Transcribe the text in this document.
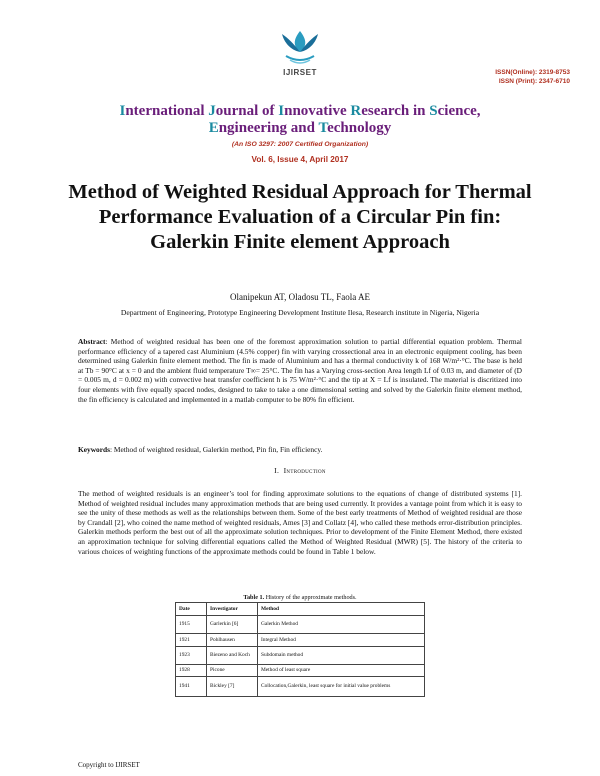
IJIRSET	ISSN(Online): 2319-8753
ISSN (Print): 2347-6710
International Journal of Innovative Research in Science,
Engineering and Technology
(An ISO 3297: 2007 Certified Organization)
Vol. 6, Issue 4, April 2017
Method of Weighted Residual Approach for Thermal Performance Evaluation of a Circular Pin fin: Galerkin Finite element Approach
Olanipekun AT, Oladosu TL, Faola AE
Department of Engineering, Prototype Engineering Development Institute Ilesa, Research institute in Nigeria, Nigeria
Abstract: Method of weighted residual has been one of the foremost approximation solution to partial differential equation problem. Thermal performance efficiency of a tapered cast Aluminium (4.5% copper) fin with varying crossectional area in an electronic equipment cooling, has been determined using Galerkin finite element method. The fin is made of Aluminium and has a thermal conductivity k of 168 W/m²·°C. The base is held at Tb = 90°C at x = 0 and the ambient fluid temperature T∞= 25°C. The fin has a Varying cross-section Area length Lf of 0.03 m, and diameter of (D = 0.005 m, d = 0.002 m) with convective heat transfer coefficient h is 75 W/m²·°C and the tip at X = Lf is insulated. The material is discritized into four elements with five equally spaced nodes, designed to take to take a one dimensional setting and solved by the Galerkin finite element method, the fin efficiency is calculated and implemented in a matlab computer to be 80% fin efficient.
Keywords: Method of weighted residual, Galerkin method, Pin fin, Fin efficiency.
I. Introduction
The method of weighted residuals is an engineer’s tool for finding approximate solutions to the equations of change of distributed systems [1]. Method of weighted residual includes many approximation methods that are being used currently. It provides a vantage point from which it is easy to see the unity of these methods as well as the relationships between them. Some of the best early treatments of Method of weighted residual are those by Crandall [2], who coined the name method of weighted residuals, Ames [3] and Collatz [4], who called these methods error-distribution principles. Galerkin methods perform the best out of all the approximate solution techniques. Prior to development of the Finite Element Method, there existed an approximation technique for solving differential equations called the Method of Weighted Residual (MWR) [5]. The history of the criteria to various choices of weighting functions of the approximate methods could be found in Table 1 below.
Table 1. History of the approximate methods.
Date	Investigator	Method
1915	Garlerkin [6]	Galerkin Method
1921	Pohlhausen	Integral Method
1923	Biezeno and Koch	Subdomain method
1928	Picone	Method of least square
1941	Bickley [7]	Collocation,Galerkin, least square for initial value problems
Copyright to IJIRSET
